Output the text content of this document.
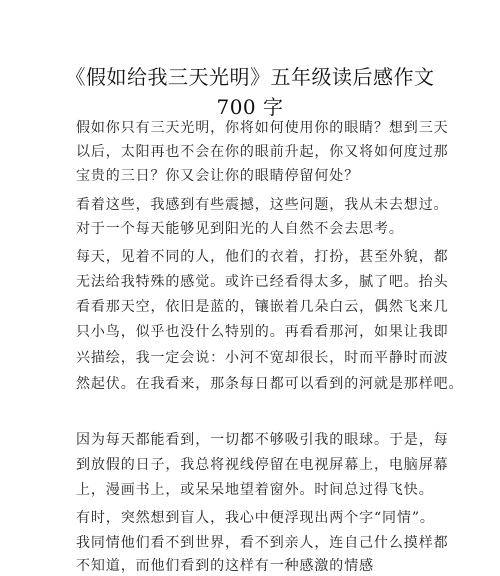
《假如给我三天光明》五年级读后感作文
700 字
假如你只有三天光明，你将如何使用你的眼睛？想到三天
以后，太阳再也不会在你的眼前升起，你又将如何度过那
宝贵的三日？你又会让你的眼睛停留何处？
看着这些，我感到有些震撼，这些问题，我从未去想过。
对于一个每天能够见到阳光的人自然不会去思考。
每天，见着不同的人，他们的衣着，打扮，甚至外貌，都
无法给我特殊的感觉。或许已经看得太多，腻了吧。抬头
看看那天空，依旧是蓝的，镶嵌着几朵白云，偶然飞来几
只小鸟，似乎也没什么特别的。再看看那河，如果让我即
兴描绘，我一定会说：小河不宽却很长，时而平静时而波
然起伏。在我看来，那条每日都可以看到的河就是那样吧。
因为每天都能看到，一切都不够吸引我的眼球。于是，每
到放假的日子，我总将视线停留在电视屏幕上，电脑屏幕
上，漫画书上，或呆呆地望着窗外。时间总过得飞快。
有时，突然想到盲人，我心中便浮现出两个字“同情”。
我同情他们看不到世界，看不到亲人，连自己什么摸样都
不知道，而他们看到的这样有一种感激的情感
